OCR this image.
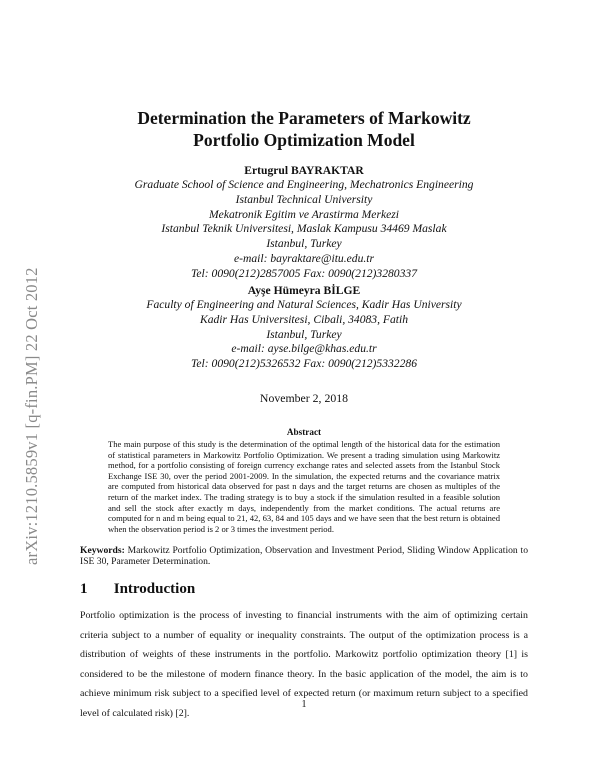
arXiv:1210.5859v1 [q-fin.PM] 22 Oct 2012
Determination the Parameters of Markowitz
Portfolio Optimization Model
Ertugrul BAYRAKTAR
Graduate School of Science and Engineering, Mechatronics Engineering
Istanbul Technical University
Mekatronik Egitim ve Arastirma Merkezi
Istanbul Teknik Universitesi, Maslak Kampusu 34469 Maslak
Istanbul, Turkey
e-mail: bayraktare@itu.edu.tr
Tel: 0090(212)2857005 Fax: 0090(212)3280337
Ayşe Hümeyra BİLGE
Faculty of Engineering and Natural Sciences, Kadir Has University
Kadir Has Universitesi, Cibali, 34083, Fatih
Istanbul, Turkey
e-mail: ayse.bilge@khas.edu.tr
Tel: 0090(212)5326532 Fax: 0090(212)5332286
November 2, 2018
Abstract
The main purpose of this study is the determination of the optimal length of the historical data for the estimation of statistical parameters in Markowitz Portfolio Optimization. We present a trading simulation using Markowitz method, for a portfolio consisting of foreign currency exchange rates and selected assets from the Istanbul Stock Exchange ISE 30, over the period 2001-2009. In the simulation, the expected returns and the covariance matrix are computed from historical data observed for past n days and the target returns are chosen as multiples of the return of the market index. The trading strategy is to buy a stock if the simulation resulted in a feasible solution and sell the stock after exactly m days, independently from the market conditions. The actual returns are computed for n and m being equal to 21, 42, 63, 84 and 105 days and we have seen that the best return is obtained when the observation period is 2 or 3 times the investment period.
Keywords: Markowitz Portfolio Optimization, Observation and Investment Period, Sliding Window Application to ISE 30, Parameter Determination.
1 Introduction
Portfolio optimization is the process of investing to financial instruments with the aim of optimizing certain criteria subject to a number of equality or inequality constraints. The output of the optimization process is a distribution of weights of these instruments in the portfolio. Markowitz portfolio optimization theory [1] is considered to be the milestone of modern finance theory. In the basic application of the model, the aim is to achieve minimum risk subject to a specified level of expected return (or maximum return subject to a specified level of calculated risk) [2].
1
